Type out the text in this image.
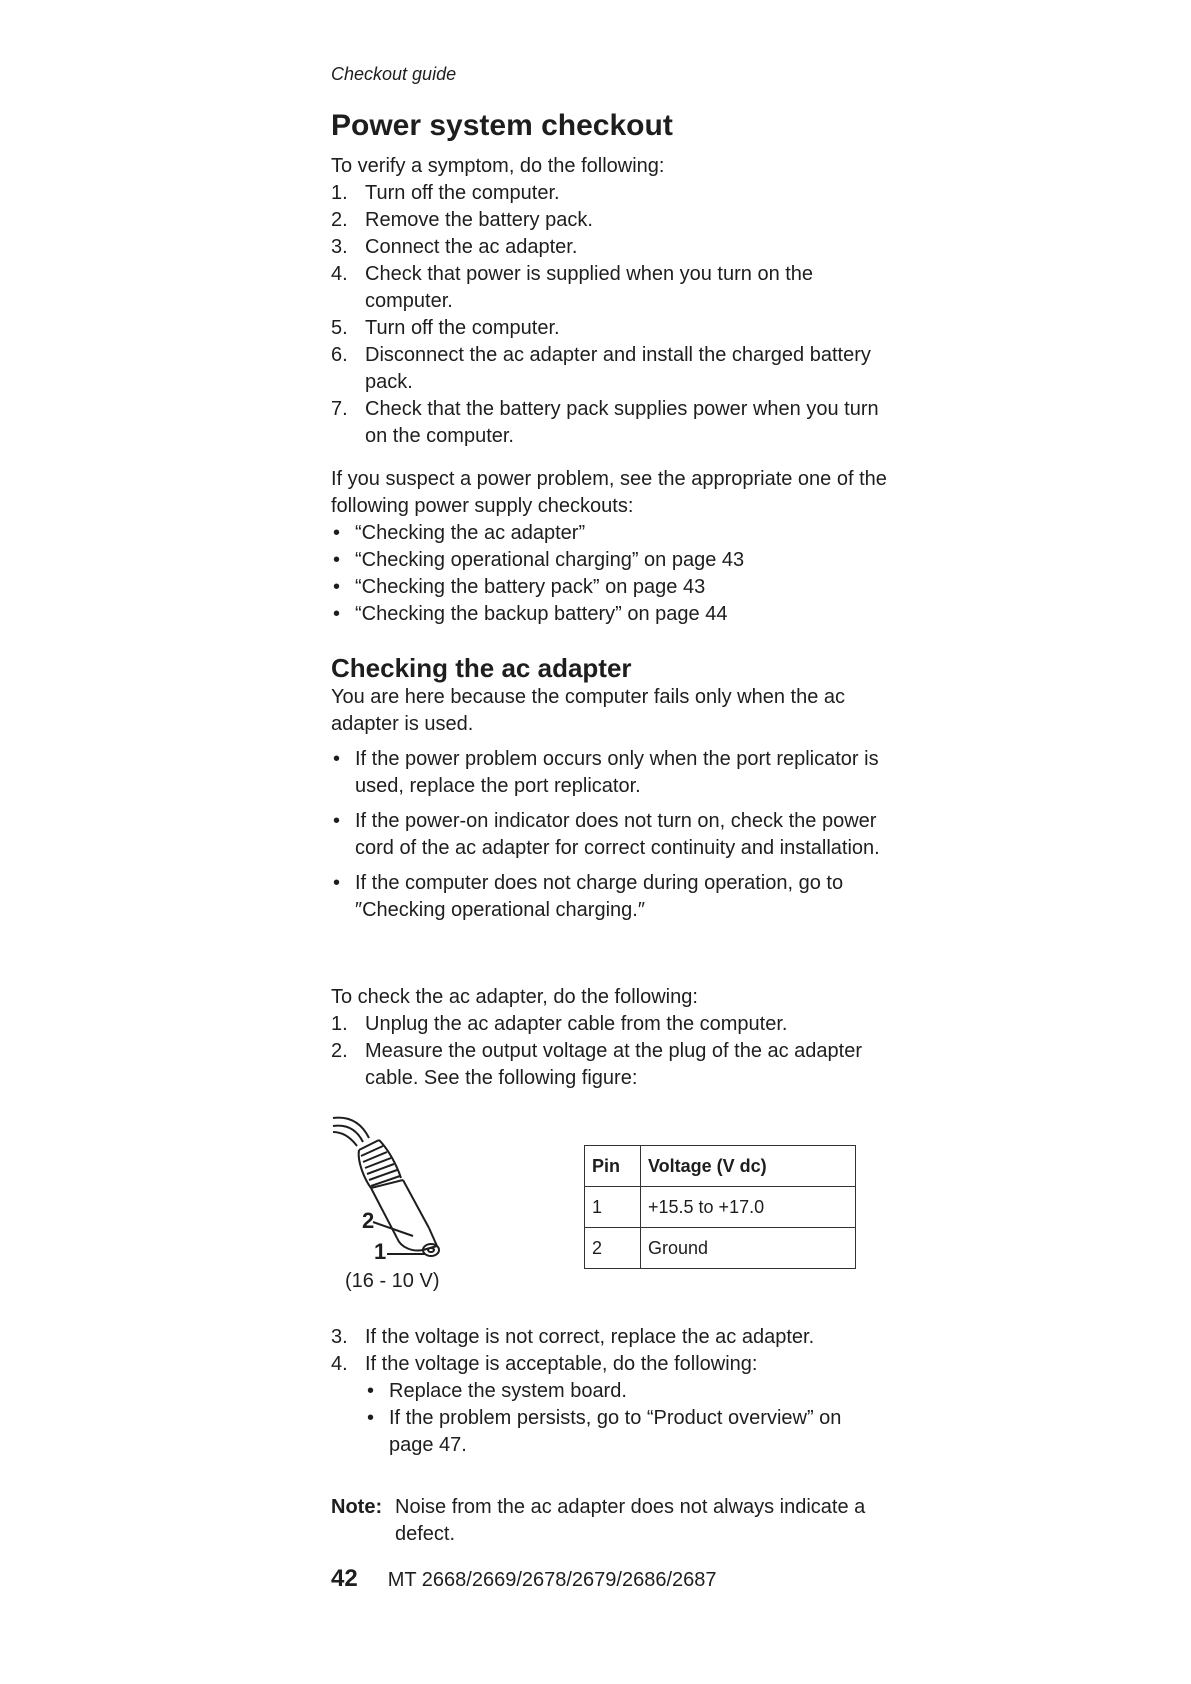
Checkout guide
Power system checkout

To verify a symptom, do the following:

1. Turn off the computer.
2. Remove the battery pack.
3. Connect the ac adapter.
4. Check that power is supplied when you turn on the computer.
5. Turn off the computer.
6. Disconnect the ac adapter and install the charged battery pack.
7. Check that the battery pack supplies power when you turn on the computer.

If you suspect a power problem, see the appropriate one of the following power supply checkouts:

• “Checking the ac adapter”
• “Checking operational charging” on page 43
• “Checking the battery pack” on page 43
• “Checking the backup battery” on page 44
Checking the ac adapter

You are here because the computer fails only when the ac adapter is used.

• If the power problem occurs only when the port replicator is used, replace the port replicator.
• If the power-on indicator does not turn on, check the power cord of the ac adapter for correct continuity and installation.
• If the computer does not charge during operation, go to ″Checking operational charging.″

To check the ac adapter, do the following:

1. Unplug the ac adapter cable from the computer.
2. Measure the output voltage at the plug of the ac adapter cable. See the following figure:
2
1
(16 - 10 V)
Pin	Voltage (V dc)
1	+15.5 to +17.0
2	Ground
3. If the voltage is not correct, replace the ac adapter.
4. If the voltage is acceptable, do the following:
• Replace the system board.
• If the problem persists, go to “Product overview” on page 47.
Note: Noise from the ac adapter does not always indicate a defect.
42 MT 2668/2669/2678/2679/2686/2687
